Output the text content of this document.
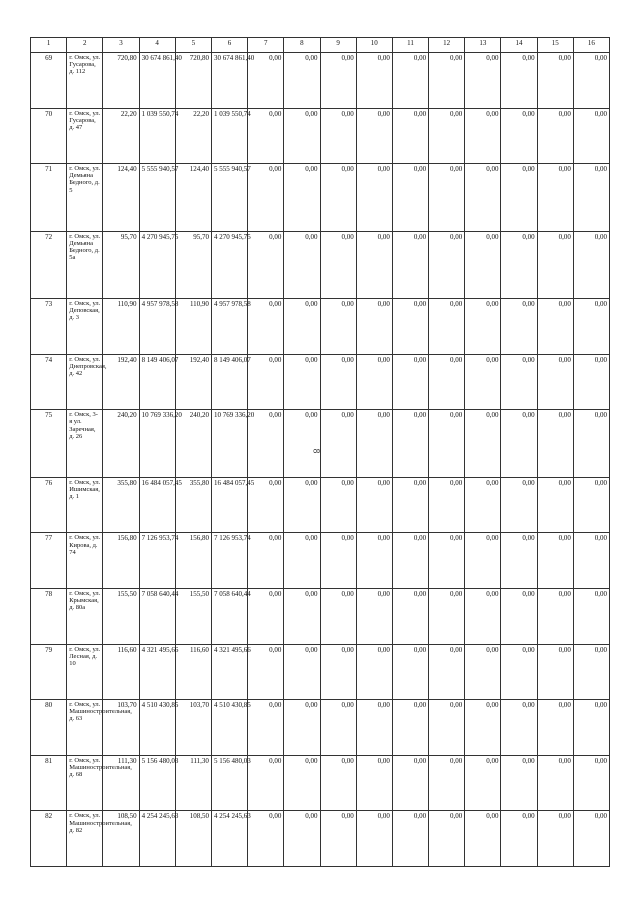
8
1	2	3	4	5	6	7	8	9	10	11	12	13	14	15	16
69	г. Омск, ул. Гусарова, д. 112	720,80	30 674 861,40	720,80	30 674 861,40	0,00	0,00	0,00	0,00	0,00	0,00	0,00	0,00	0,00	0,00
70	г. Омск, ул. Гусарова, д. 47	22,20	1 039 550,74	22,20	1 039 550,74	0,00	0,00	0,00	0,00	0,00	0,00	0,00	0,00	0,00	0,00
71	г. Омск, ул. Демьяна Бедного, д. 5	124,40	5 555 940,57	124,40	5 555 940,57	0,00	0,00	0,00	0,00	0,00	0,00	0,00	0,00	0,00	0,00
72	г. Омск, ул. Демьяна Бедного, д. 5а	95,70	4 270 945,75	95,70	4 270 945,75	0,00	0,00	0,00	0,00	0,00	0,00	0,00	0,00	0,00	0,00
73	г. Омск, ул. Деповская, д. 3	110,90	4 957 978,58	110,90	4 957 978,58	0,00	0,00	0,00	0,00	0,00	0,00	0,00	0,00	0,00	0,00
74	г. Омск, ул. Днепровская, д. 42	192,40	8 149 406,07	192,40	8 149 406,07	0,00	0,00	0,00	0,00	0,00	0,00	0,00	0,00	0,00	0,00
75	г. Омск, 3-я ул. Заречная, д. 26	240,20	10 769 336,20	240,20	10 769 336,20	0,00	0,00	0,00	0,00	0,00	0,00	0,00	0,00	0,00	0,00
76	г. Омск, ул. Ишимская, д. 1	355,80	16 484 057,45	355,80	16 484 057,45	0,00	0,00	0,00	0,00	0,00	0,00	0,00	0,00	0,00	0,00
77	г. Омск, ул. Кирова, д. 74	156,80	7 126 953,74	156,80	7 126 953,74	0,00	0,00	0,00	0,00	0,00	0,00	0,00	0,00	0,00	0,00
78	г. Омск, ул. Крымская, д. 80а	155,50	7 058 640,44	155,50	7 058 640,44	0,00	0,00	0,00	0,00	0,00	0,00	0,00	0,00	0,00	0,00
79	г. Омск, ул. Лесная, д. 10	116,60	4 321 495,66	116,60	4 321 495,66	0,00	0,00	0,00	0,00	0,00	0,00	0,00	0,00	0,00	0,00
80	г. Омск, ул. Машиностроительная, д. 63	103,70	4 510 430,85	103,70	4 510 430,85	0,00	0,00	0,00	0,00	0,00	0,00	0,00	0,00	0,00	0,00
81	г. Омск, ул. Машиностроительная, д. 68	111,30	5 156 480,03	111,30	5 156 480,03	0,00	0,00	0,00	0,00	0,00	0,00	0,00	0,00	0,00	0,00
82	г. Омск, ул. Машиностроительная, д. 82	108,50	4 254 245,63	108,50	4 254 245,63	0,00	0,00	0,00	0,00	0,00	0,00	0,00	0,00	0,00	0,00
